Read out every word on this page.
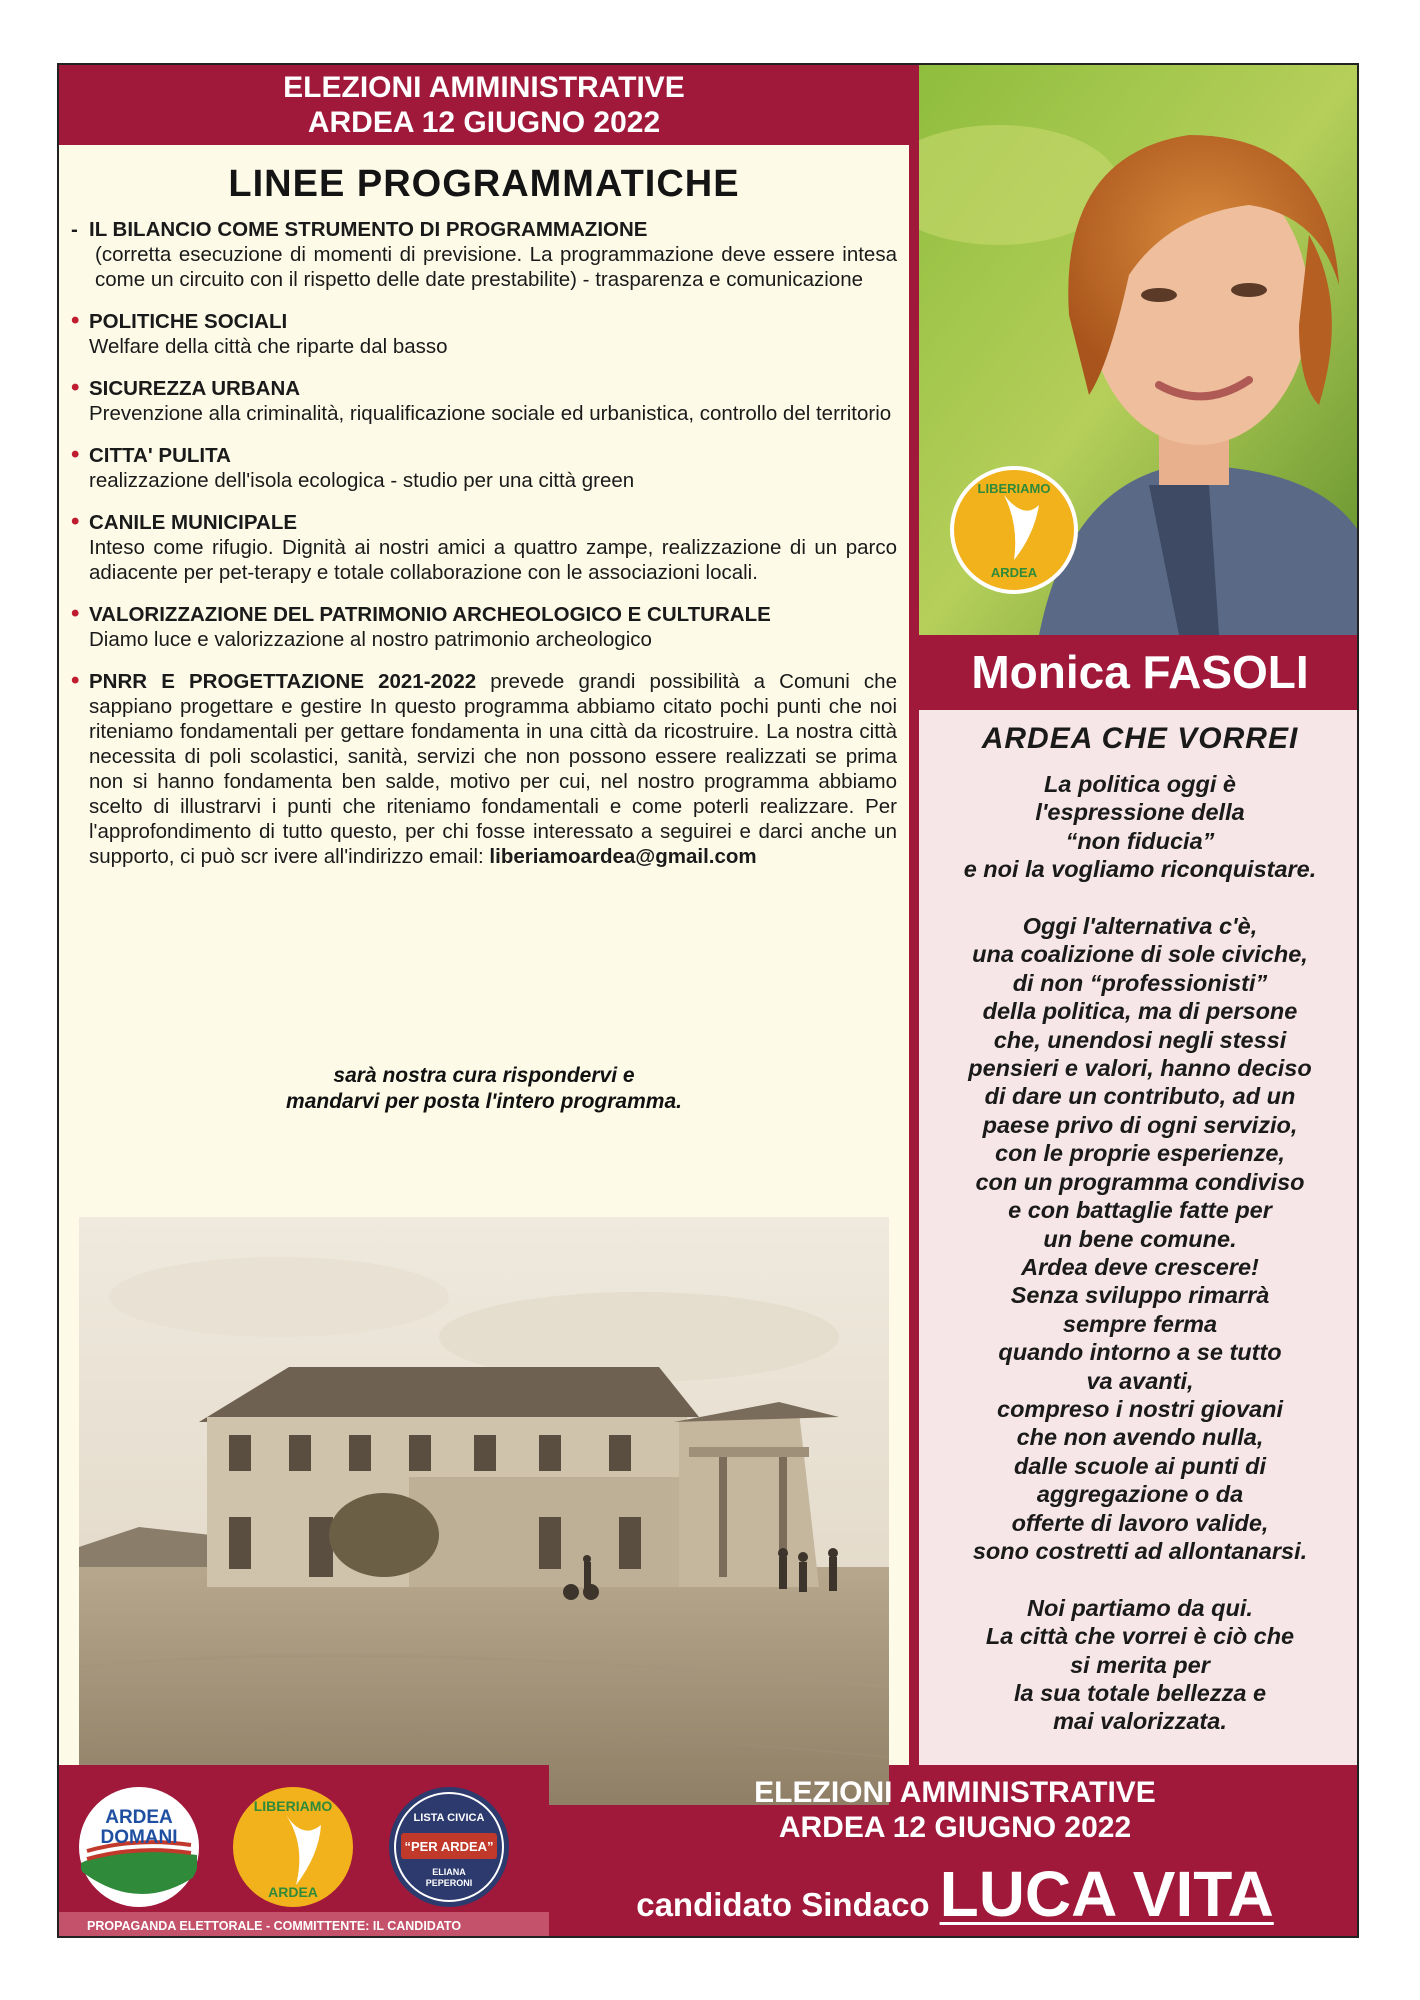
ELEZIONI AMMINISTRATIVE
ARDEA 12 GIUGNO 2022
LINEE PROGRAMMATICHE
- IL BILANCIO COME STRUMENTO DI PROGRAMMAZIONE
(corretta esecuzione di momenti di previsione. La programmazione deve essere intesa come un circuito con il rispetto delle date prestabilite) - trasparenza e comunicazione
• POLITICHE SOCIALI
Welfare della città che riparte dal basso
• SICUREZZA URBANA
Prevenzione alla criminalità, riqualificazione sociale ed urbanistica, controllo del territorio
• CITTA' PULITA
realizzazione dell'isola ecologica - studio per una città green
• CANILE MUNICIPALE
Inteso come rifugio. Dignità ai nostri amici a quattro zampe, realizzazione di un parco adiacente per pet-terapy e totale collaborazione con le associazioni locali.
• VALORIZZAZIONE DEL PATRIMONIO ARCHEOLOGICO E CULTURALE
Diamo luce e valorizzazione al nostro patrimonio archeologico
• PNRR E PROGETTAZIONE 2021-2022 prevede grandi possibilità a Comuni che sappiano progettare e gestire In questo programma abbiamo citato pochi punti che noi riteniamo fondamentali per gettare fondamenta in una città da ricostruire. La nostra città necessita di poli scolastici, sanità, servizi che non possono essere realizzati se prima non si hanno fondamenta ben salde, motivo per cui, nel nostro programma abbiamo scelto di illustrarvi i punti che riteniamo fondamentali e come poterli realizzare. Per l'approfondimento di tutto questo, per chi fosse interessato a seguirei e darci anche un supporto, ci può scr ivere all'indirizzo email: liberiamoardea@gmail.com
sarà nostra cura rispondervi e
mandarvi per posta l'intero programma.
LIBERIAMO
ARDEA
Monica FASOLI
ARDEA CHE VORREI
La politica oggi è
l'espressione della
“non fiducia”
e noi la vogliamo riconquistare.

Oggi l'alternativa c'è,
una coalizione di sole civiche,
di non “professionisti”
della politica, ma di persone
che, unendosi negli stessi
pensieri e valori, hanno deciso
di dare un contributo, ad un
paese privo di ogni servizio,
con le proprie esperienze,
con un programma condiviso
e con battaglie fatte per
un bene comune.
Ardea deve crescere!
Senza sviluppo rimarrà
sempre ferma
quando intorno a se tutto
va avanti,
compreso i nostri giovani
che non avendo nulla,
dalle scuole ai punti di
aggregazione o da
offerte di lavoro valide,
sono costretti ad allontanarsi.

Noi partiamo da qui.
La città che vorrei è ciò che
si merita per
la sua totale bellezza e
mai valorizzata.
ARDEA
DOMANI
LIBERIAMO
ARDEA
LISTA CIVICA
“PER ARDEA”
ELIANA
PEPERONI
PROPAGANDA ELETTORALE - COMMITTENTE: IL CANDIDATO
ELEZIONI AMMINISTRATIVE
ARDEA 12 GIUGNO 2022
candidato Sindaco LUCA VITA
